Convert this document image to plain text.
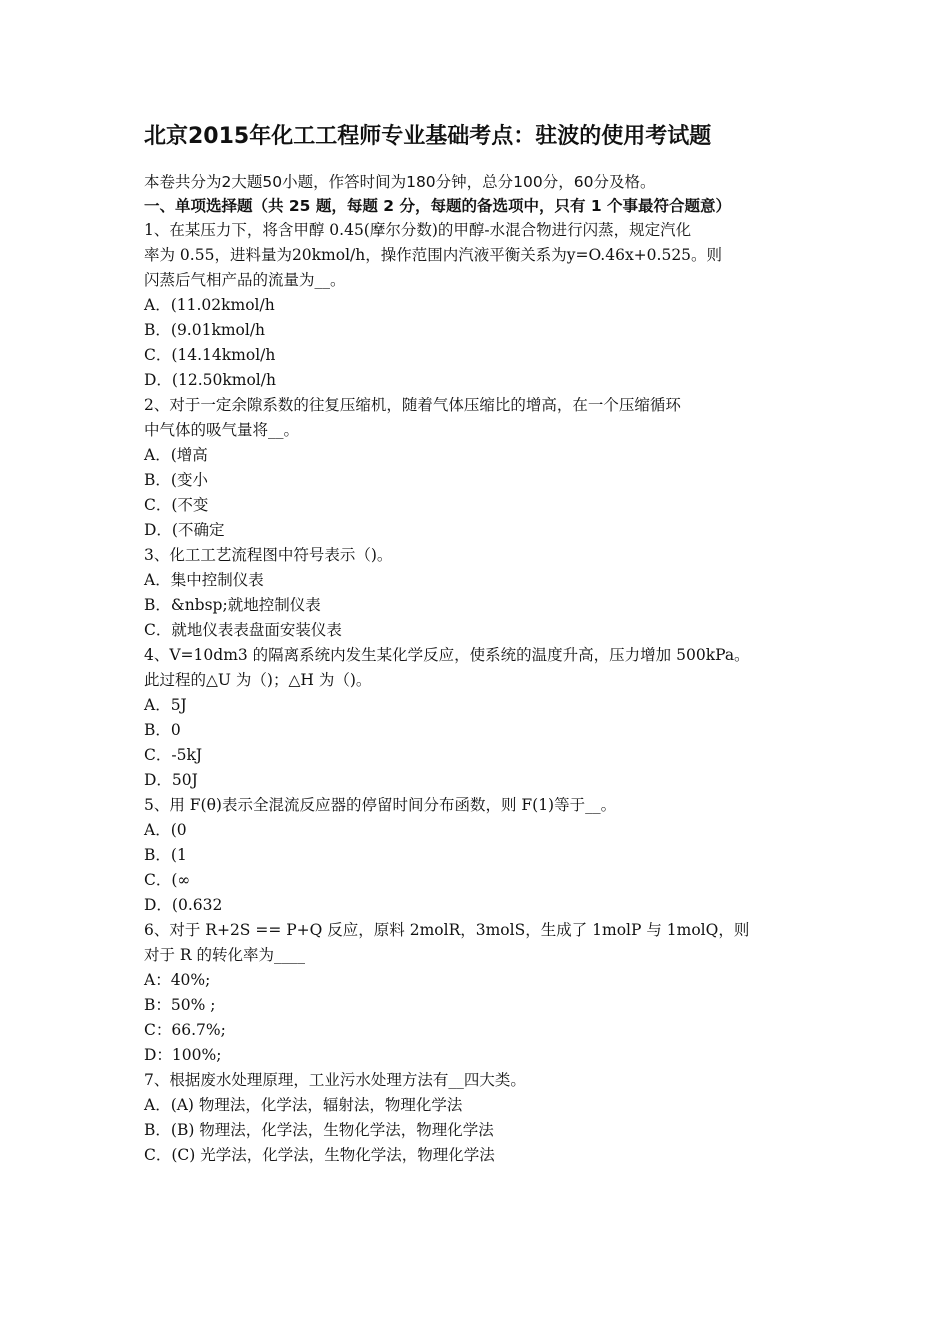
北京2015年化工工程师专业基础考点：驻波的使用考试题
本卷共分为2大题50小题，作答时间为180分钟，总分100分，60分及格。
一、单项选择题（共 25 题，每题 2 分，每题的备选项中，只有 1 个事最符合题意）
1、在某压力下，将含甲醇 0.45(摩尔分数)的甲醇-水混合物进行闪蒸，规定汽化
率为 0.55，进料量为20kmol/h，操作范围内汽液平衡关系为y=O.46x+0.525。则
闪蒸后气相产品的流量为__。
A．(11.02kmol/h
B．(9.01kmol/h
C．(14.14kmol/h
D．(12.50kmol/h
2、对于一定余隙系数的往复压缩机，随着气体压缩比的增高，在一个压缩循环
中气体的吸气量将__。
A．(增高
B．(变小
C．(不变
D．(不确定
3、化工工艺流程图中符号表示（)。
A．集中控制仪表
B．&nbsp;就地控制仪表
C．就地仪表表盘面安装仪表
4、V=10dm3 的隔离系统内发生某化学反应，使系统的温度升高，压力增加 500kPa。
此过程的△U 为（)；△H 为（)。
A．5J
B．0
C．-5kJ
D．50J
5、用 F(θ)表示全混流反应器的停留时间分布函数，则 F(1)等于__。
A．(0
B．(1
C．(∞
D．(0.632
6、对于 R+2S == P+Q 反应，原料 2molR，3molS，生成了 1molP 与 1molQ，则
对于 R 的转化率为____
A：40%;
B：50% ;
C：66.7%;
D：100%;
7、根据废水处理原理，工业污水处理方法有__四大类。
A．(A) 物理法，化学法，辐射法，物理化学法
B．(B) 物理法，化学法，生物化学法，物理化学法
C．(C) 光学法，化学法，生物化学法，物理化学法
